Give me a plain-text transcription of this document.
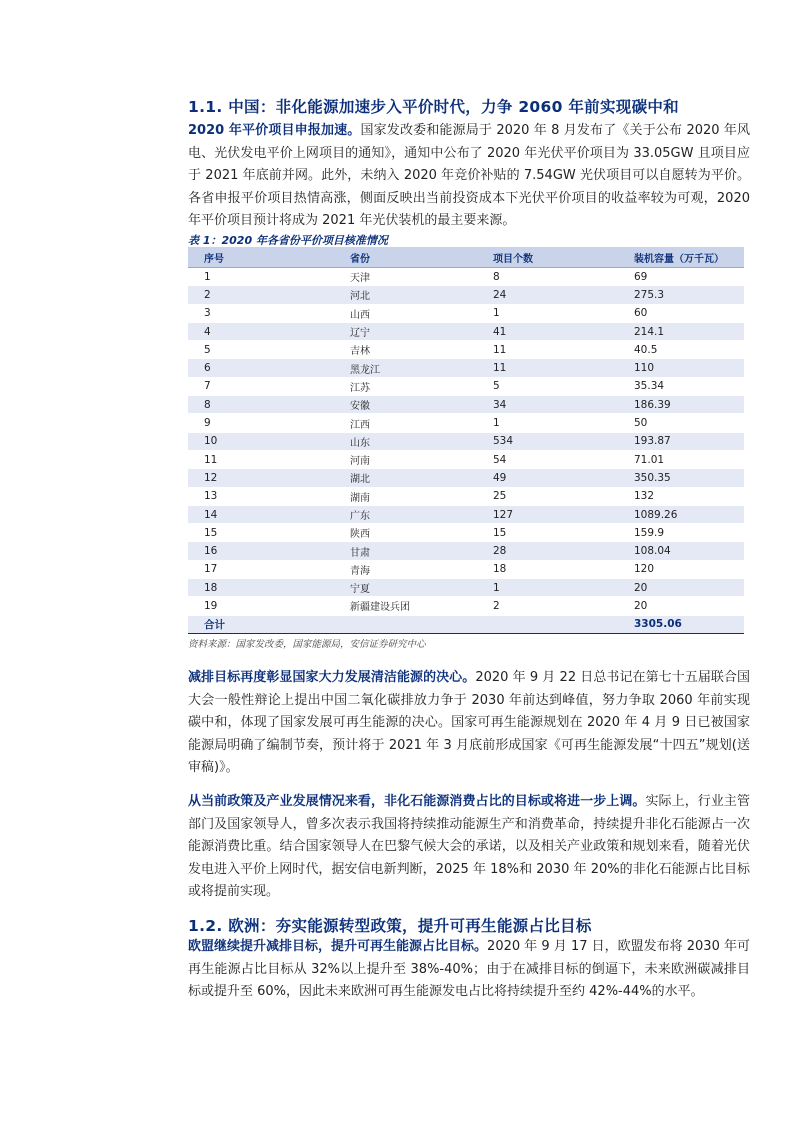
1.1. 中国：非化能源加速步入平价时代，力争 2060 年前实现碳中和
2020 年平价项目申报加速。国家发改委和能源局于 2020 年 8 月发布了《关于公布 2020 年风电、光伏发电平价上网项目的通知》，通知中公布了 2020 年光伏平价项目为 33.05GW 且项目应于 2021 年底前并网。此外，未纳入 2020 年竞价补贴的 7.54GW 光伏项目可以自愿转为平价。各省申报平价项目热情高涨，侧面反映出当前投资成本下光伏平价项目的收益率较为可观，2020 年平价项目预计将成为 2021 年光伏装机的最主要来源。
表 1：2020 年各省份平价项目核准情况
序号	省份	项目个数	装机容量（万千瓦）
1	天津	8	69
2	河北	24	275.3
3	山西	1	60
4	辽宁	41	214.1
5	吉林	11	40.5
6	黑龙江	11	110
7	江苏	5	35.34
8	安徽	34	186.39
9	江西	1	50
10	山东	534	193.87
11	河南	54	71.01
12	湖北	49	350.35
13	湖南	25	132
14	广东	127	1089.26
15	陕西	15	159.9
16	甘肃	28	108.04
17	青海	18	120
18	宁夏	1	20
19	新疆建设兵团	2	20
合计			3305.06
资料来源：国家发改委，国家能源局，安信证券研究中心
减排目标再度彰显国家大力发展清洁能源的决心。2020 年 9 月 22 日总书记在第七十五届联合国大会一般性辩论上提出中国二氧化碳排放力争于 2030 年前达到峰值，努力争取 2060 年前实现碳中和，体现了国家发展可再生能源的决心。国家可再生能源规划在 2020 年 4 月 9 日已被国家能源局明确了编制节奏，预计将于 2021 年 3 月底前形成国家《可再生能源发展“十四五”规划(送审稿)》。
从当前政策及产业发展情况来看，非化石能源消费占比的目标或将进一步上调。实际上，行业主管部门及国家领导人，曾多次表示我国将持续推动能源生产和消费革命，持续提升非化石能源占一次能源消费比重。结合国家领导人在巴黎气候大会的承诺，以及相关产业政策和规划来看，随着光伏发电进入平价上网时代，据安信电新判断，2025 年 18%和 2030 年 20%的非化石能源占比目标或将提前实现。
1.2. 欧洲：夯实能源转型政策，提升可再生能源占比目标
欧盟继续提升减排目标，提升可再生能源占比目标。2020 年 9 月 17 日，欧盟发布将 2030 年可再生能源占比目标从 32%以上提升至 38%-40%；由于在减排目标的倒逼下，未来欧洲碳减排目标或提升至 60%，因此未来欧洲可再生能源发电占比将持续提升至约 42%-44%的水平。
